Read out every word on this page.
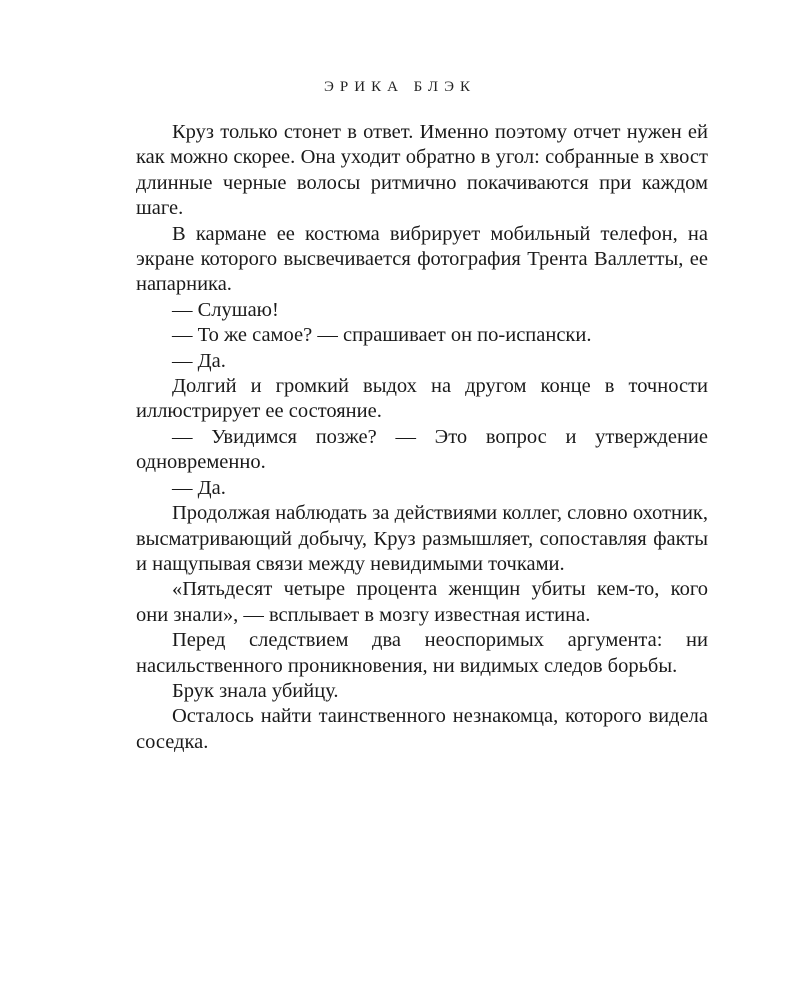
ЭРИКА БЛЭК

Круз только стонет в ответ. Именно поэтому отчет нужен ей как можно скорее. Она уходит обратно в угол: собранные в хвост длинные черные волосы ритмично покачиваются при каждом шаге.

В кармане ее костюма вибрирует мобильный телефон, на экране которого высвечивается фотография Трента Валлетты, ее напарника.

— Слушаю!

— То же самое? — спрашивает он по-испански.

— Да.

Долгий и громкий выдох на другом конце в точности иллюстрирует ее состояние.

— Увидимся позже? — Это вопрос и утверждение одновременно.

— Да.

Продолжая наблюдать за действиями коллег, словно охотник, высматривающий добычу, Круз размышляет, сопоставляя факты и нащупывая связи между невидимыми точками.

«Пятьдесят четыре процента женщин убиты кем-то, кого они знали», — всплывает в мозгу известная истина.

Перед следствием два неоспоримых аргумента: ни насильственного проникновения, ни видимых следов борьбы.

Брук знала убийцу.

Осталось найти таинственного незнакомца, которого видела соседка.
